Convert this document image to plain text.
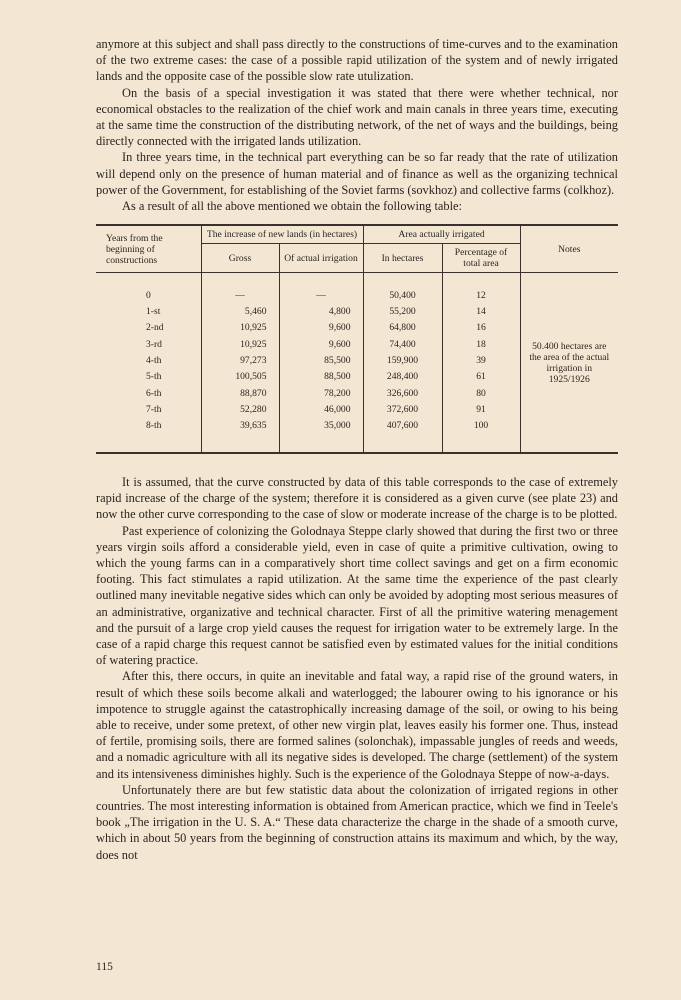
anymore at this subject and shall pass directly to the constructions of time-curves and to the examination of the two extreme cases: the case of a possible rapid utilization of the system and of newly irrigated lands and the opposite case of the possible slow rate utulization.

On the basis of a special investigation it was stated that there were whether technical, nor economical obstacles to the realization of the chief work and main canals in three years time, executing at the same time the construction of the distributing network, of the net of ways and the buildings, being directly connected with the irrigated lands utilization.

In three years time, in the technical part everything can be so far ready that the rate of utilization will depend only on the presence of human material and of finance as well as the organizing technical power of the Government, for establishing of the Soviet farms (sovkhoz) and collective farms (colkhoz).

As a result of all the above mentioned we obtain the following table:

Years from the beginning of constructions	The increase of new lands (in hectares)		Area actually irrigated		Notes
	Gross	Of actual irrigation	In hectares	Percentage of total area	
					50.400 hectares are the area of the actual irrigation in 1925/1926
0	—	—	50,400	12	
1-st	5,460	4,800	55,200	14	
2-nd	10,925	9,600	64,800	16	
3-rd	10,925	9,600	74,400	18	
4-th	97,273	85,500	159,900	39	
5-th	100,505	88,500	248,400	61	
6-th	88,870	78,200	326,600	80	
7-th	52,280	46,000	372,600	91	
8-th	39,635	35,000	407,600	100	

It is assumed, that the curve constructed by data of this table corresponds to the case of extremely rapid increase of the charge of the system; therefore it is considered as a given curve (see plate 23) and now the other curve corresponding to the case of slow or moderate increase of the charge is to be plotted.

Past experience of colonizing the Golodnaya Steppe clarly showed that during the first two or three years virgin soils afford a considerable yield, even in case of quite a primitive cultivation, owing to which the young farms can in a comparatively short time collect savings and get on a firm economic footing. This fact stimulates a rapid utilization. At the same time the experience of the past clearly outlined many inevitable negative sides which can only be avoided by adopting most serious measures of an administrative, organizative and technical character. First of all the primitive watering menagement and the pursuit of a large crop yield causes the request for irrigation water to be extremely large. In the case of a rapid charge this request cannot be satisfied even by estimated values for the initial conditions of watering practice.

After this, there occurs, in quite an inevitable and fatal way, a rapid rise of the ground waters, in result of which these soils become alkali and waterlogged; the labourer owing to his ignorance or his impotence to struggle against the catastrophically increasing damage of the soil, or owing to his being able to receive, under some pretext, of other new virgin plat, leaves easily his former one. Thus, instead of fertile, promising soils, there are formed salines (solonchak), impassable jungles of reeds and weeds, and a nomadic agriculture with all its negative sides is developed. The charge (settlement) of the system and its intensiveness diminishes highly. Such is the experience of the Golodnaya Steppe of now-a-days.

Unfortunately there are but few statistic data about the colonization of irrigated regions in other countries. The most interesting information is obtained from American practice, which we find in Teele's book „The irrigation in the U. S. A.“ These data characterize the charge in the shade of a smooth curve, which in about 50 years from the beginning of construction attains its maximum and which, by the way, does not

115
